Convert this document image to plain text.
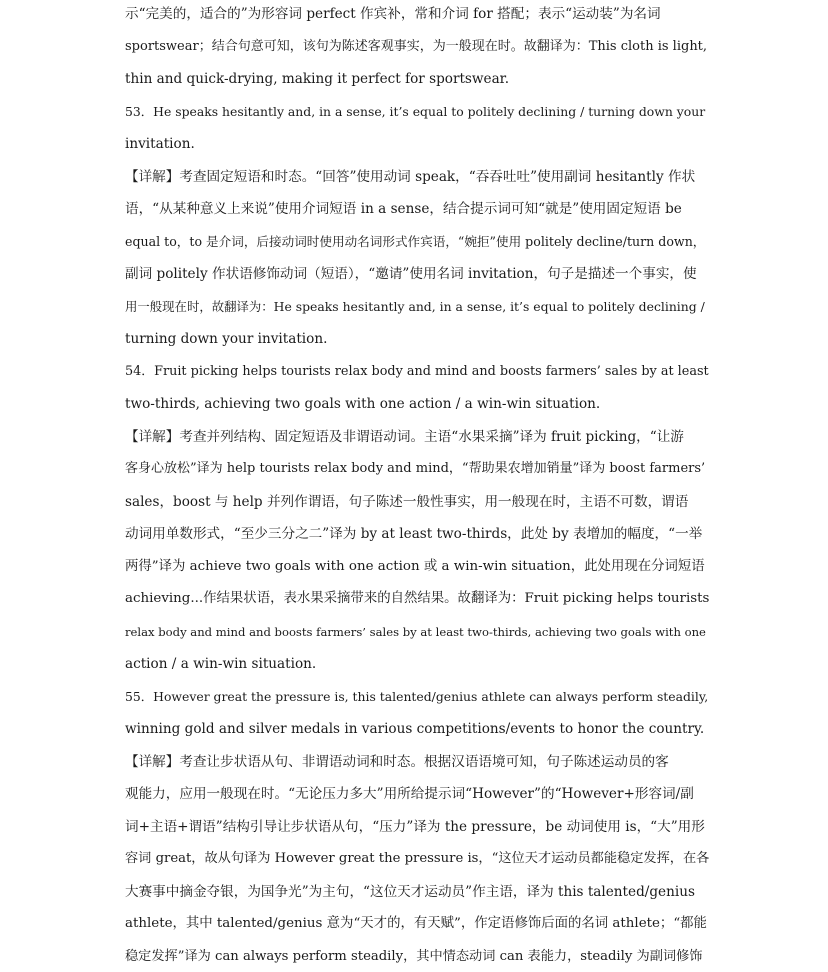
示“完美的，适合的”为形容词 perfect 作宾补，常和介词 for 搭配；表示“运动装”为名词
sportswear；结合句意可知，该句为陈述客观事实，为一般现在时。故翻译为：This cloth is light,
thin and quick-drying, making it perfect for sportswear.
53．He speaks hesitantly and, in a sense, it’s equal to politely declining / turning down your
invitation.
【详解】考查固定短语和时态。“回答”使用动词 speak，“吞吞吐吐”使用副词 hesitantly 作状
语，“从某种意义上来说”使用介词短语 in a sense，结合提示词可知“就是”使用固定短语 be
equal to，to 是介词，后接动词时使用动名词形式作宾语，“婉拒”使用 politely decline/turn down，
副词 politely 作状语修饰动词（短语），“邀请”使用名词 invitation，句子是描述一个事实，使
用一般现在时，故翻译为：He speaks hesitantly and, in a sense, it’s equal to politely declining /
turning down your invitation.
54．Fruit picking helps tourists relax body and mind and boosts farmers’ sales by at least
two-thirds, achieving two goals with one action / a win-win situation.
【详解】考查并列结构、固定短语及非谓语动词。主语“水果采摘”译为 fruit picking，“让游
客身心放松”译为 help tourists relax body and mind，“帮助果农增加销量”译为 boost farmers’
sales，boost 与 help 并列作谓语，句子陈述一般性事实，用一般现在时，主语不可数，谓语
动词用单数形式，“至少三分之二”译为 by at least two-thirds，此处 by 表增加的幅度，“一举
两得”译为 achieve two goals with one action 或 a win-win situation，此处用现在分词短语
achieving...作结果状语，表水果采摘带来的自然结果。故翻译为：Fruit picking helps tourists
relax body and mind and boosts farmers’ sales by at least two-thirds, achieving two goals with one
action / a win-win situation.
55．However great the pressure is, this talented/genius athlete can always perform steadily,
winning gold and silver medals in various competitions/events to honor the country.
【详解】考查让步状语从句、非谓语动词和时态。根据汉语语境可知，句子陈述运动员的客
观能力，应用一般现在时。“无论压力多大”用所给提示词“However”的“However+形容词/副
词+主语+谓语”结构引导让步状语从句，“压力”译为 the pressure，be 动词使用 is，“大”用形
容词 great，故从句译为 However great the pressure is，“这位天才运动员都能稳定发挥，在各
大赛事中摘金夺银，为国争光”为主句，“这位天才运动员”作主语，译为 this talented/genius
athlete，其中 talented/genius 意为“天才的，有天赋”，作定语修饰后面的名词 athlete；“都能
稳定发挥”译为 can always perform steadily，其中情态动词 can 表能力，steadily 为副词修饰
